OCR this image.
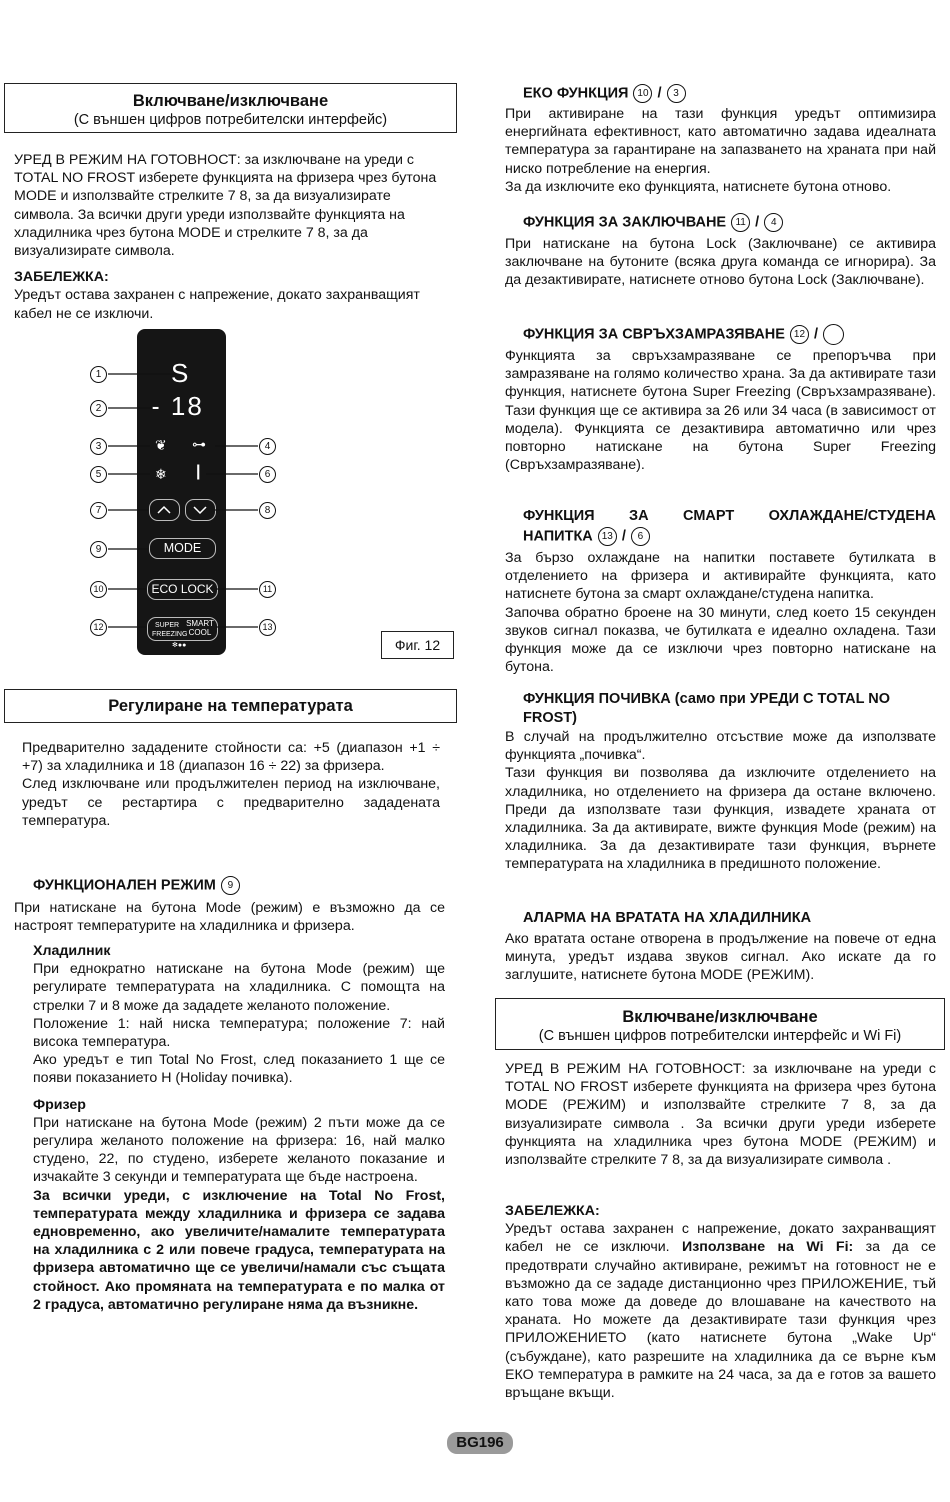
Включване/изключване
(С външен цифров потребителски интерфейс)

УРЕД В РЕЖИМ НА ГОТОВНОСТ: за изключване на уреди с TOTAL NO FROST изберете функцията на фризера чрез бутона MODE и използвайте стрелките 7 8, за да визуализирате символа. За всички други уреди използвайте функцията на хладилника чрез бутона MODE и стрелките 7 8, за да визуализирате символа.

ЗАБЕЛЕЖКА:

Уредът остава захранен с напрежение, докато захранващият кабел не се изключи.

S
- 18
❦ ⊶
❄ |
MODE
ECO LOCK
SUPER
FREEZING
SMART
COOL
✻●●
1
2
3	4
5	6
7	8
9
10	11
12	13
Фиг. 12
Регулиране на температурата

Предварително зададените стойности са: +5 (диапазон +1 ÷ +7) за хладилника и 18 (диапазон 16 ÷ 22) за фризера.

След изключване или продължителен период на изключване, уредът се рестартира с предварително зададената температура.

ФУНКЦИОНАЛЕН РЕЖИМ 9

При натискане на бутона Mode (режим) е възможно да се настроят температурите на хладилника и фризера.

Хладилник

При еднократно натискане на бутона Mode (режим) ще регулирате температурата на хладилника. С помощта на стрелки 7 и 8 може да зададете желаното положение.

Положение 1: най ниска температура; положение 7: най висока температура.

Ако уредът е тип Total No Frost, след показанието 1 ще се появи показанието H (Holiday почивка).

Фризер

При натискане на бутона Mode (режим) 2 пъти може да се регулира желаното положение на фризера: 16, най малко студено, 22, по студено, изберете желаното показание и изчакайте 3 секунди и температурата ще бъде настроена.

За всички уреди, с изключение на Total No Frost, температурата между хладилника и фризера се задава едновременно, ако увеличите/намалите температурата на хладилника с 2 или повече градуса, температурата на фризера автоматично ще се увеличи/намали със същата стойност. Ако промяната на температурата е по малка от 2 градуса, автоматично регулиране няма да възникне.

ЕКО ФУНКЦИЯ 10 / 3

При активиране на тази функция уредът оптимизира енергийната ефективност, като автоматично задава идеалната температура за гарантиране на запазването на храната при най ниско потребление на енергия.

За да изключите еко функцията, натиснете бутона отново.

ФУНКЦИЯ ЗА ЗАКЛЮЧВАНЕ 11 / 4

При натискане на бутона Lock (Заключване) се активира заключване на бутоните (всяка друга команда се игнорира). За да дезактивирате, натиснете отново бутона Lock (Заключване).

ФУНКЦИЯ ЗА СВРЪХЗАМРАЗЯВАНЕ 12 /

Функцията за свръхзамразяване се препоръчва при замразяване на голямо количество храна. За да активирате тази функция, натиснете бутона Super Freezing (Свръхзамразяване). Тази функция ще се активира за 26 или 34 часа (в зависимост от модела). Функцията се дезактивира автоматично или чрез повторно натискане на бутона Super Freezing (Свръхзамразяване).

ФУНКЦИЯ ЗА СМАРТ ОХЛАЖДАНЕ/СТУДЕНА
НАПИТКА 13 / 6

За бързо охлаждане на напитки поставете бутилката в отделението на фризера и активирайте функцията, като натиснете бутона за смарт охлаждане/студена напитка.

Започва обратно броене на 30 минути, след което 15 секунден звуков сигнал показва, че бутилката е идеално охладена. Тази функция може да се изключи чрез повторно натискане на бутона.

ФУНКЦИЯ ПОЧИВКА (само при УРЕДИ С TOTAL NO FROST)

В случай на продължително отсъствие може да използвате функцията „почивка“.

Тази функция ви позволява да изключите отделението на хладилника, но отделението на фризера да остане включено. Преди да използвате тази функция, извадете храната от хладилника. За да активирате, вижте функция Mode (режим) на хладилника. За да дезактивирате тази функция, върнете температурата на хладилника в предишното положение.

АЛАРМА НА ВРАТАТА НА ХЛАДИЛНИКА

Ако вратата остане отворена в продължение на повече от една минута, уредът издава звуков сигнал. Ако искате да го заглушите, натиснете бутона MODE (РЕЖИМ).

Включване/изключване
(С външен цифров потребителски интерфейс и Wi Fi)

УРЕД В РЕЖИМ НА ГОТОВНОСТ: за изключване на уреди с TOTAL NO FROST изберете функцията на фризера чрез бутона MODE (РЕЖИМ) и използвайте стрелките 7 8, за да визуализирате символа . За всички други уреди изберете функцията на хладилника чрез бутона MODE (РЕЖИМ) и използвайте стрелките 7 8, за да визуализирате символа .

ЗАБЕЛЕЖКА:

Уредът остава захранен с напрежение, докато захранващият кабел не се изключи. Използване на Wi Fi: за да се предотврати случайно активиране, режимът на готовност не е възможно да се зададе дистанционно чрез ПРИЛОЖЕНИЕ, тъй като това може да доведе до влошаване на качеството на храната. Но можете да дезактивирате тази функция чрез ПРИЛОЖЕНИЕТО (като натиснете бутона „Wake Up“ (събуждане), като разрешите на хладилника да се върне към ЕКО температура в рамките на 24 часа, за да е готов за вашето връщане вкъщи.

BG196
